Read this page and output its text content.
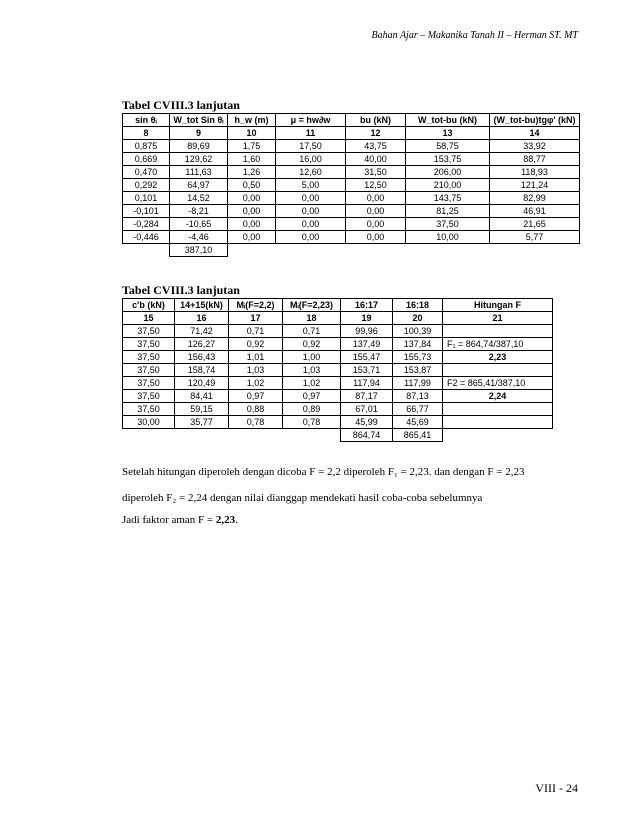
Bahan Ajar – Makanika Tanah II – Herman ST. MT
Tabel CVIII.3 lanjutan
sin θᵢ	W_tot Sin θᵢ	h_w (m)	μ = hw∂w	bu (kN)	W_tot-bu (kN)	(W_tot-bu)tgφ' (kN)
8	9	10	11	12	13	14
0,875	89,69	1,75	17,50	43,75	58,75	33,92
0,669	129,62	1,60	16,00	40,00	153,75	88,77
0,470	111,63	1,26	12,60	31,50	206,00	118,93
0,292	64,97	0,50	5,00	12,50	210,00	121,24
0,101	14,52	0,00	0,00	0,00	143,75	82,99
-0,101	-8,21	0,00	0,00	0,00	81,25	46,91
-0,284	-10,65	0,00	0,00	0,00	37,50	21,65
-0,446	-4,46	0,00	0,00	0,00	10,00	5,77
	387,10					
Tabel CVIII.3 lanjutan
c'b (kN)	14+15(kN)	Mᵢ(F=2,2)	Mᵢ(F=2,23)	16:17	16:18	Hitungan F
15	16	17	18	19	20	21
37,50	71,42	0,71	0,71	99,96	100,39	
37,50	126,27	0,92	0,92	137,49	137,84	F₁ = 864,74/387,10
37,50	156,43	1,01	1,00	155,47	155,73	2,23
37,50	158,74	1,03	1,03	153,71	153,87	
37,50	120,49	1,02	1,02	117,94	117,99	F2 = 865,41/387,10
37,50	84,41	0,97	0,97	87,17	87,13	2,24
37,50	59,15	0,88	0,89	67,01	66,77	
30,00	35,77	0,78	0,78	45,99	45,69	
				864,74	865,41	
Setelah hitungan diperoleh dengan dicoba F = 2,2 diperoleh F₁ = 2,23. dan dengan F = 2,23
diperoleh F₂ = 2,24 dengan nilai dianggap mendekati hasil coba-coba sebelumnya
Jadi faktor aman F = 2,23.
VIII - 24
